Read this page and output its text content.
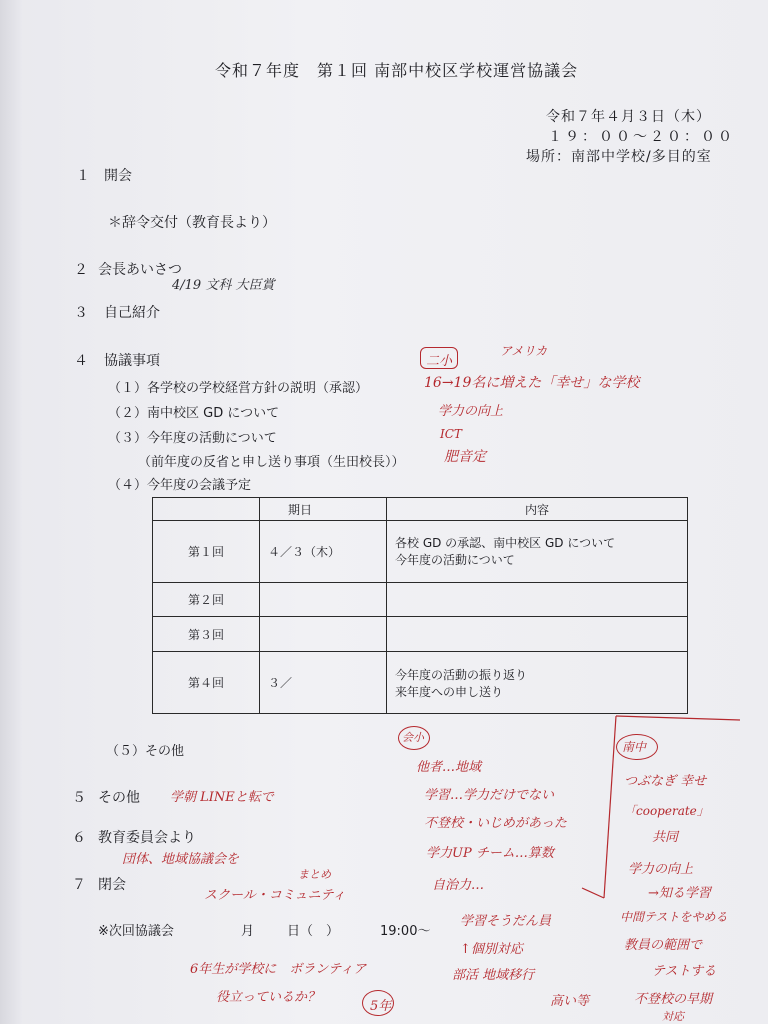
令和７年度　第１回 南部中校区学校運営協議会
令和７年４月３日（木）
１９：００～２０：００
場所：南部中学校/多目的室
１ 開会
＊辞令交付（教育長より）
２ 会長あいさつ
4/19 文科 大臣賞
３ 自己紹介
４ 協議事項
（１）各学校の学校経営方針の説明（承認）
（２）南中校区 GD について
（３）今年度の活動について
（前年度の反省と申し送り事項（生田校長））
（４）今年度の会議予定
二小
アメリカ
16→19名に増えた「幸せ」な学校
学力の向上
ICT
肥音定
	期日	内容
第１回	４／３（木）	各校 GD の承認、南中校区 GD について
今年度の活動について

第２回		
第３回		
第４回	３／	今年度の活動の振り返り
来年度への申し送り
（５）その他
５ その他 学朝 LINEと転で
６ 教育委員会より
団体、地域協議会を
まとめ
７ 閉会
スクール・コミュニティ
※次回協議会	月	日（　）	19:00～
6年生が学校に　ボランティア
役立っているか？
5年
会小
他者…地域
学習…学力だけでない
不登校・いじめがあった
学力UP チーム…算数
自治力…
学習そうだん員
↑個別対応
部活 地域移行
高い等
南中
つぶなぎ 幸せ
「cooperate」
共同
学力の向上
→知る学習
中間テストをやめる
教員の範囲で
テストする
不登校の早期
対応
